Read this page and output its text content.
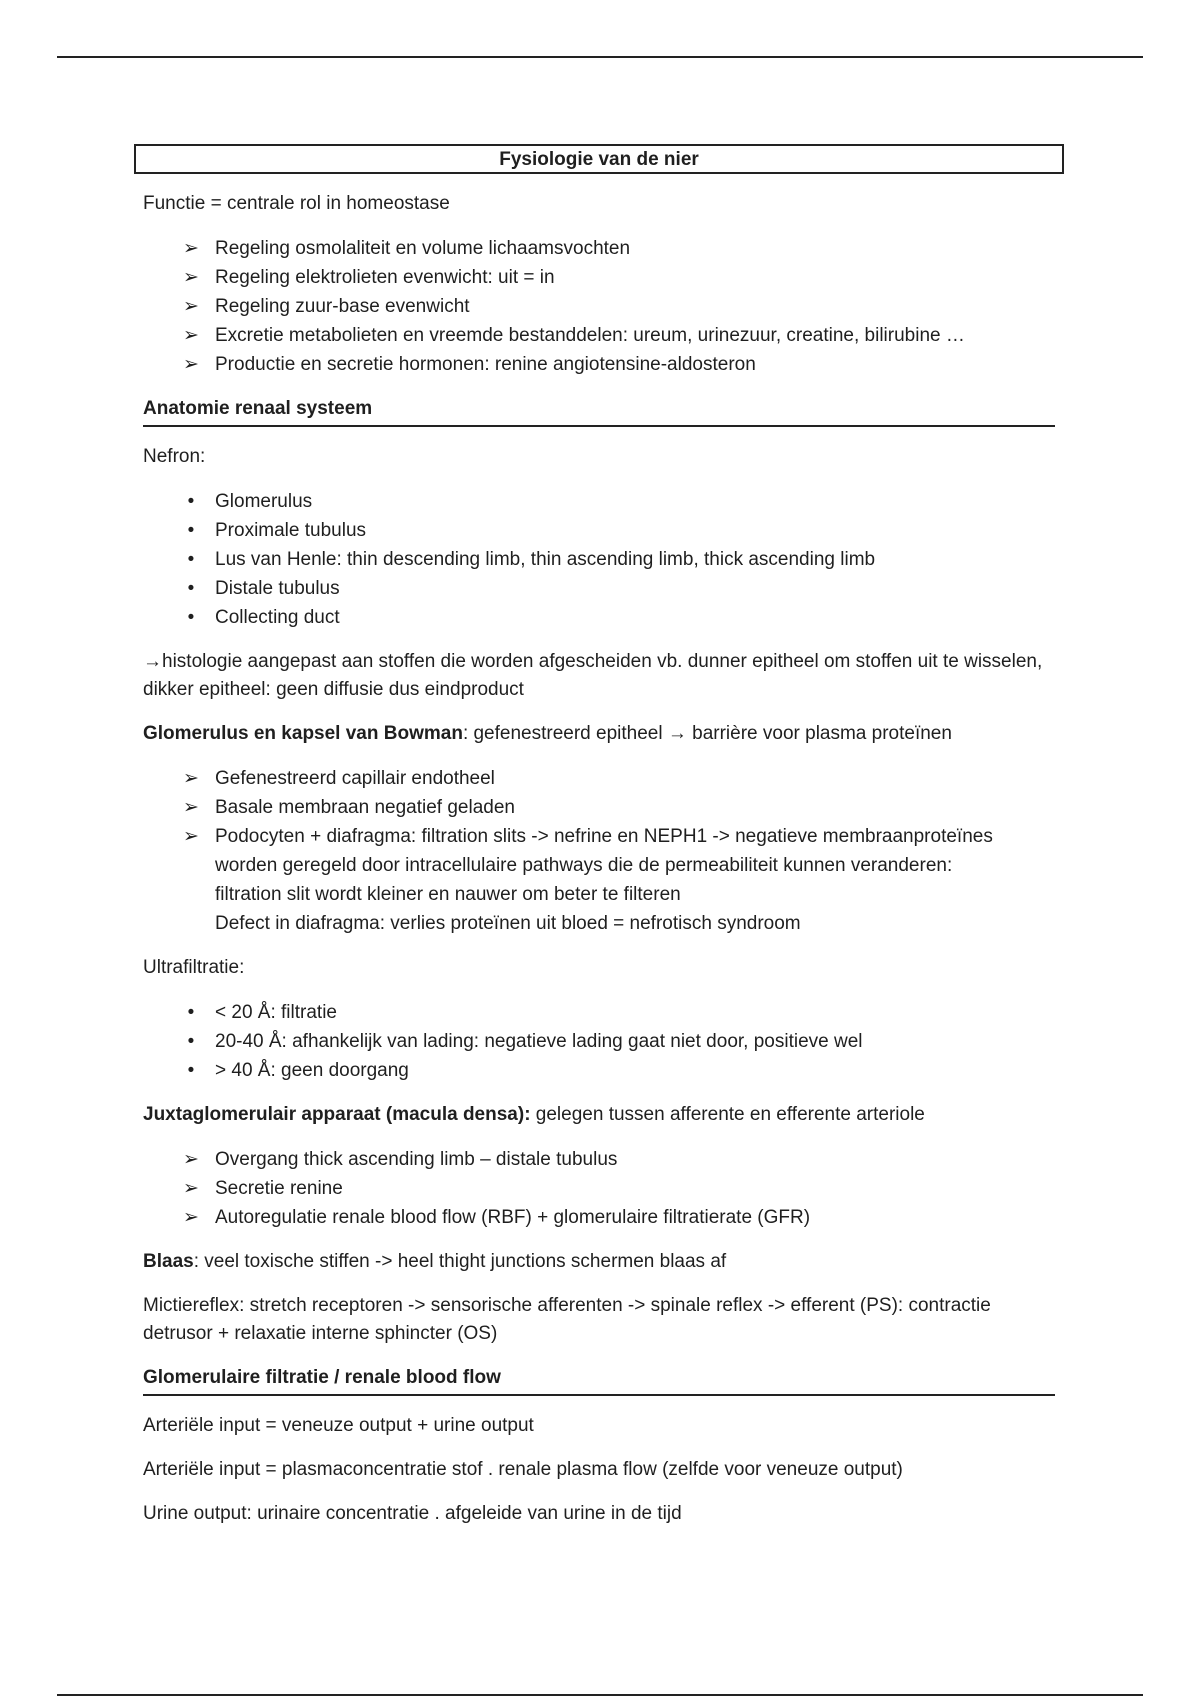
Fysiologie van de nier

Functie = centrale rol in homeostase

➢ Regeling osmolaliteit en volume lichaamsvochten
➢ Regeling elektrolieten evenwicht: uit = in
➢ Regeling zuur-base evenwicht
➢ Excretie metabolieten en vreemde bestanddelen: ureum, urinezuur, creatine, bilirubine …
➢ Productie en secretie hormonen: renine angiotensine-aldosteron

Anatomie renaal systeem

Nefron:

•	Glomerulus
•	Proximale tubulus
•	Lus van Henle: thin descending limb, thin ascending limb, thick ascending limb
•	Distale tubulus
•	Collecting duct

→histologie aangepast aan stoffen die worden afgescheiden vb. dunner epitheel om stoffen uit te wisselen, dikker epitheel: geen diffusie dus eindproduct

Glomerulus en kapsel van Bowman: gefenestreerd epitheel → barrière voor plasma proteïnen

➢ Gefenestreerd capillair endotheel
➢ Basale membraan negatief geladen
➢ Podocyten + diafragma: filtration slits -> nefrine en NEPH1 -> negatieve membraanproteïnes
worden geregeld door intracellulaire pathways die de permeabiliteit kunnen veranderen:
filtration slit wordt kleiner en nauwer om beter te filteren
Defect in diafragma: verlies proteïnen uit bloed = nefrotisch syndroom

Ultrafiltratie:

•	< 20 Å: filtratie
•	20-40 Å: afhankelijk van lading: negatieve lading gaat niet door, positieve wel
•	> 40 Å: geen doorgang

Juxtaglomerulair apparaat (macula densa): gelegen tussen afferente en efferente arteriole

➢ Overgang thick ascending limb – distale tubulus
➢ Secretie renine
➢ Autoregulatie renale blood flow (RBF) + glomerulaire filtratierate (GFR)

Blaas: veel toxische stiffen -> heel thight junctions schermen blaas af

Mictiereflex: stretch receptoren -> sensorische afferenten -> spinale reflex -> efferent (PS): contractie detrusor + relaxatie interne sphincter (OS)

Glomerulaire filtratie / renale blood flow

Arteriële input = veneuze output + urine output

Arteriële input = plasmaconcentratie stof . renale plasma flow (zelfde voor veneuze output)

Urine output: urinaire concentratie . afgeleide van urine in de tijd
